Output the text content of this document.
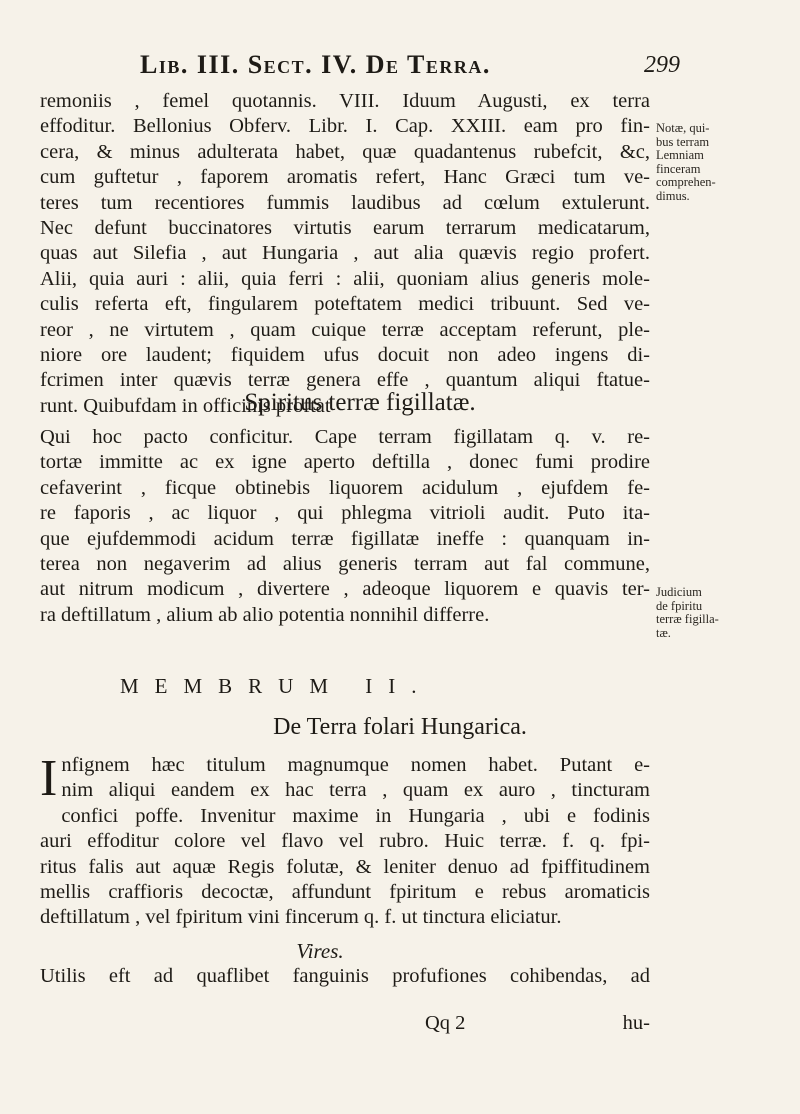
Lib. III. Sect. IV. De Terra.	299
remoniis , femel quotannis. VIII. Iduum Augusti, ex terra
effoditur. Bellonius Obferv. Libr. I. Cap. XXIII. eam pro fin-
cera, & minus adulterata habet, quæ quadantenus rubefcit, &c,
cum guftetur , faporem aromatis refert, Hanc Græci tum ve-
teres tum recentiores fummis laudibus ad cœlum extulerunt.
Nec defunt buccinatores virtutis earum terrarum medicatarum,
quas aut Silefia , aut Hungaria , aut alia quævis regio profert.
Alii, quia auri : alii, quia ferri : alii, quoniam alius generis mole-
culis referta eft, fingularem poteftatem medici tribuunt. Sed ve-
reor , ne virtutem , quam cuique terræ acceptam referunt, ple-
niore ore laudent; fiquidem ufus docuit non adeo ingens di-
fcrimen inter quævis terræ genera effe , quantum aliqui ftatue-
runt. Quibufdam in officinis proftat
Spiritus terræ figillatæ.
Qui hoc pacto conficitur. Cape terram figillatam q. v. re-
tortæ immitte ac ex igne aperto deftilla , donec fumi prodire
cefaverint , ficque obtinebis liquorem acidulum , ejufdem fe-
re faporis , ac liquor , qui phlegma vitrioli audit. Puto ita-
que ejufdemmodi acidum terræ figillatæ ineffe : quanquam in-
terea non negaverim ad alius generis terram aut fal commune,
aut nitrum modicum , divertere , adeoque liquorem e quavis ter-
ra deftillatum , alium ab alio potentia nonnihil differre.
MEMBRUM II.
De Terra folari Hungarica.
I nfignem hæc titulum magnumque nomen habet. Putant e-
nim aliqui eandem ex hac terra , quam ex auro , tincturam
confici poffe. Invenitur maxime in Hungaria , ubi e fodinis
auri effoditur colore vel flavo vel rubro. Huic terræ. f. q. fpi-
ritus falis aut aquæ Regis folutæ, & leniter denuo ad fpiffitudinem
mellis craffioris decoctæ, affundunt fpiritum e rebus aromaticis
deftillatum , vel fpiritum vini fincerum q. f. ut tinctura eliciatur.
Vires.
Utilis eft ad quaflibet fanguinis profufiones cohibendas, ad
Qq 2	hu-
Notæ, qui-
bus terram
Lemniam
finceram
comprehen-
dimus.
Judicium
de fpiritu
terræ figilla-
tæ.
